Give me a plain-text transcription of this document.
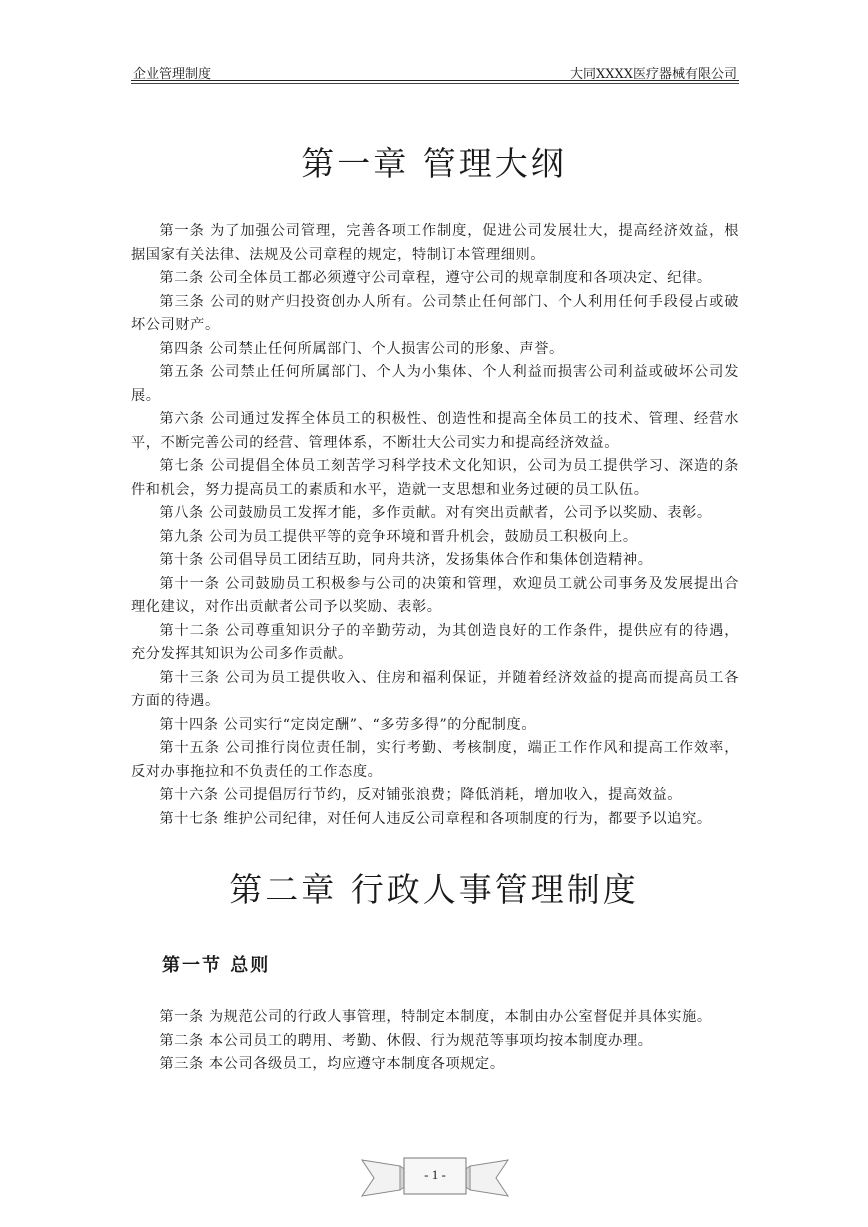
企业管理制度	大同XXXX医疗器械有限公司
第一章 管理大纲

第一条 为了加强公司管理，完善各项工作制度，促进公司发展壮大，提高经济效益，根据国家有关法律、法规及公司章程的规定，特制订本管理细则。

第二条 公司全体员工都必须遵守公司章程，遵守公司的规章制度和各项决定、纪律。

第三条 公司的财产归投资创办人所有。公司禁止任何部门、个人利用任何手段侵占或破坏公司财产。

第四条 公司禁止任何所属部门、个人损害公司的形象、声誉。

第五条 公司禁止任何所属部门、个人为小集体、个人利益而损害公司利益或破坏公司发展。

第六条 公司通过发挥全体员工的积极性、创造性和提高全体员工的技术、管理、经营水平，不断完善公司的经营、管理体系，不断壮大公司实力和提高经济效益。

第七条 公司提倡全体员工刻苦学习科学技术文化知识，公司为员工提供学习、深造的条件和机会，努力提高员工的素质和水平，造就一支思想和业务过硬的员工队伍。

第八条 公司鼓励员工发挥才能，多作贡献。对有突出贡献者，公司予以奖励、表彰。

第九条 公司为员工提供平等的竞争环境和晋升机会，鼓励员工积极向上。

第十条 公司倡导员工团结互助，同舟共济，发扬集体合作和集体创造精神。

第十一条 公司鼓励员工积极参与公司的决策和管理，欢迎员工就公司事务及发展提出合理化建议，对作出贡献者公司予以奖励、表彰。

第十二条 公司尊重知识分子的辛勤劳动，为其创造良好的工作条件，提供应有的待遇，充分发挥其知识为公司多作贡献。

第十三条 公司为员工提供收入、住房和福利保证，并随着经济效益的提高而提高员工各方面的待遇。

第十四条 公司实行“定岗定酬”、“多劳多得”的分配制度。

第十五条 公司推行岗位责任制，实行考勤、考核制度，端正工作作风和提高工作效率，反对办事拖拉和不负责任的工作态度。

第十六条 公司提倡厉行节约，反对铺张浪费；降低消耗，增加收入，提高效益。

第十七条 维护公司纪律，对任何人违反公司章程和各项制度的行为，都要予以追究。

第二章 行政人事管理制度
第一节 总则

第一条 为规范公司的行政人事管理，特制定本制度，本制由办公室督促并具体实施。

第二条 本公司员工的聘用、考勤、休假、行为规范等事项均按本制度办理。

第三条 本公司各级员工，均应遵守本制度各项规定。

- 1 -
